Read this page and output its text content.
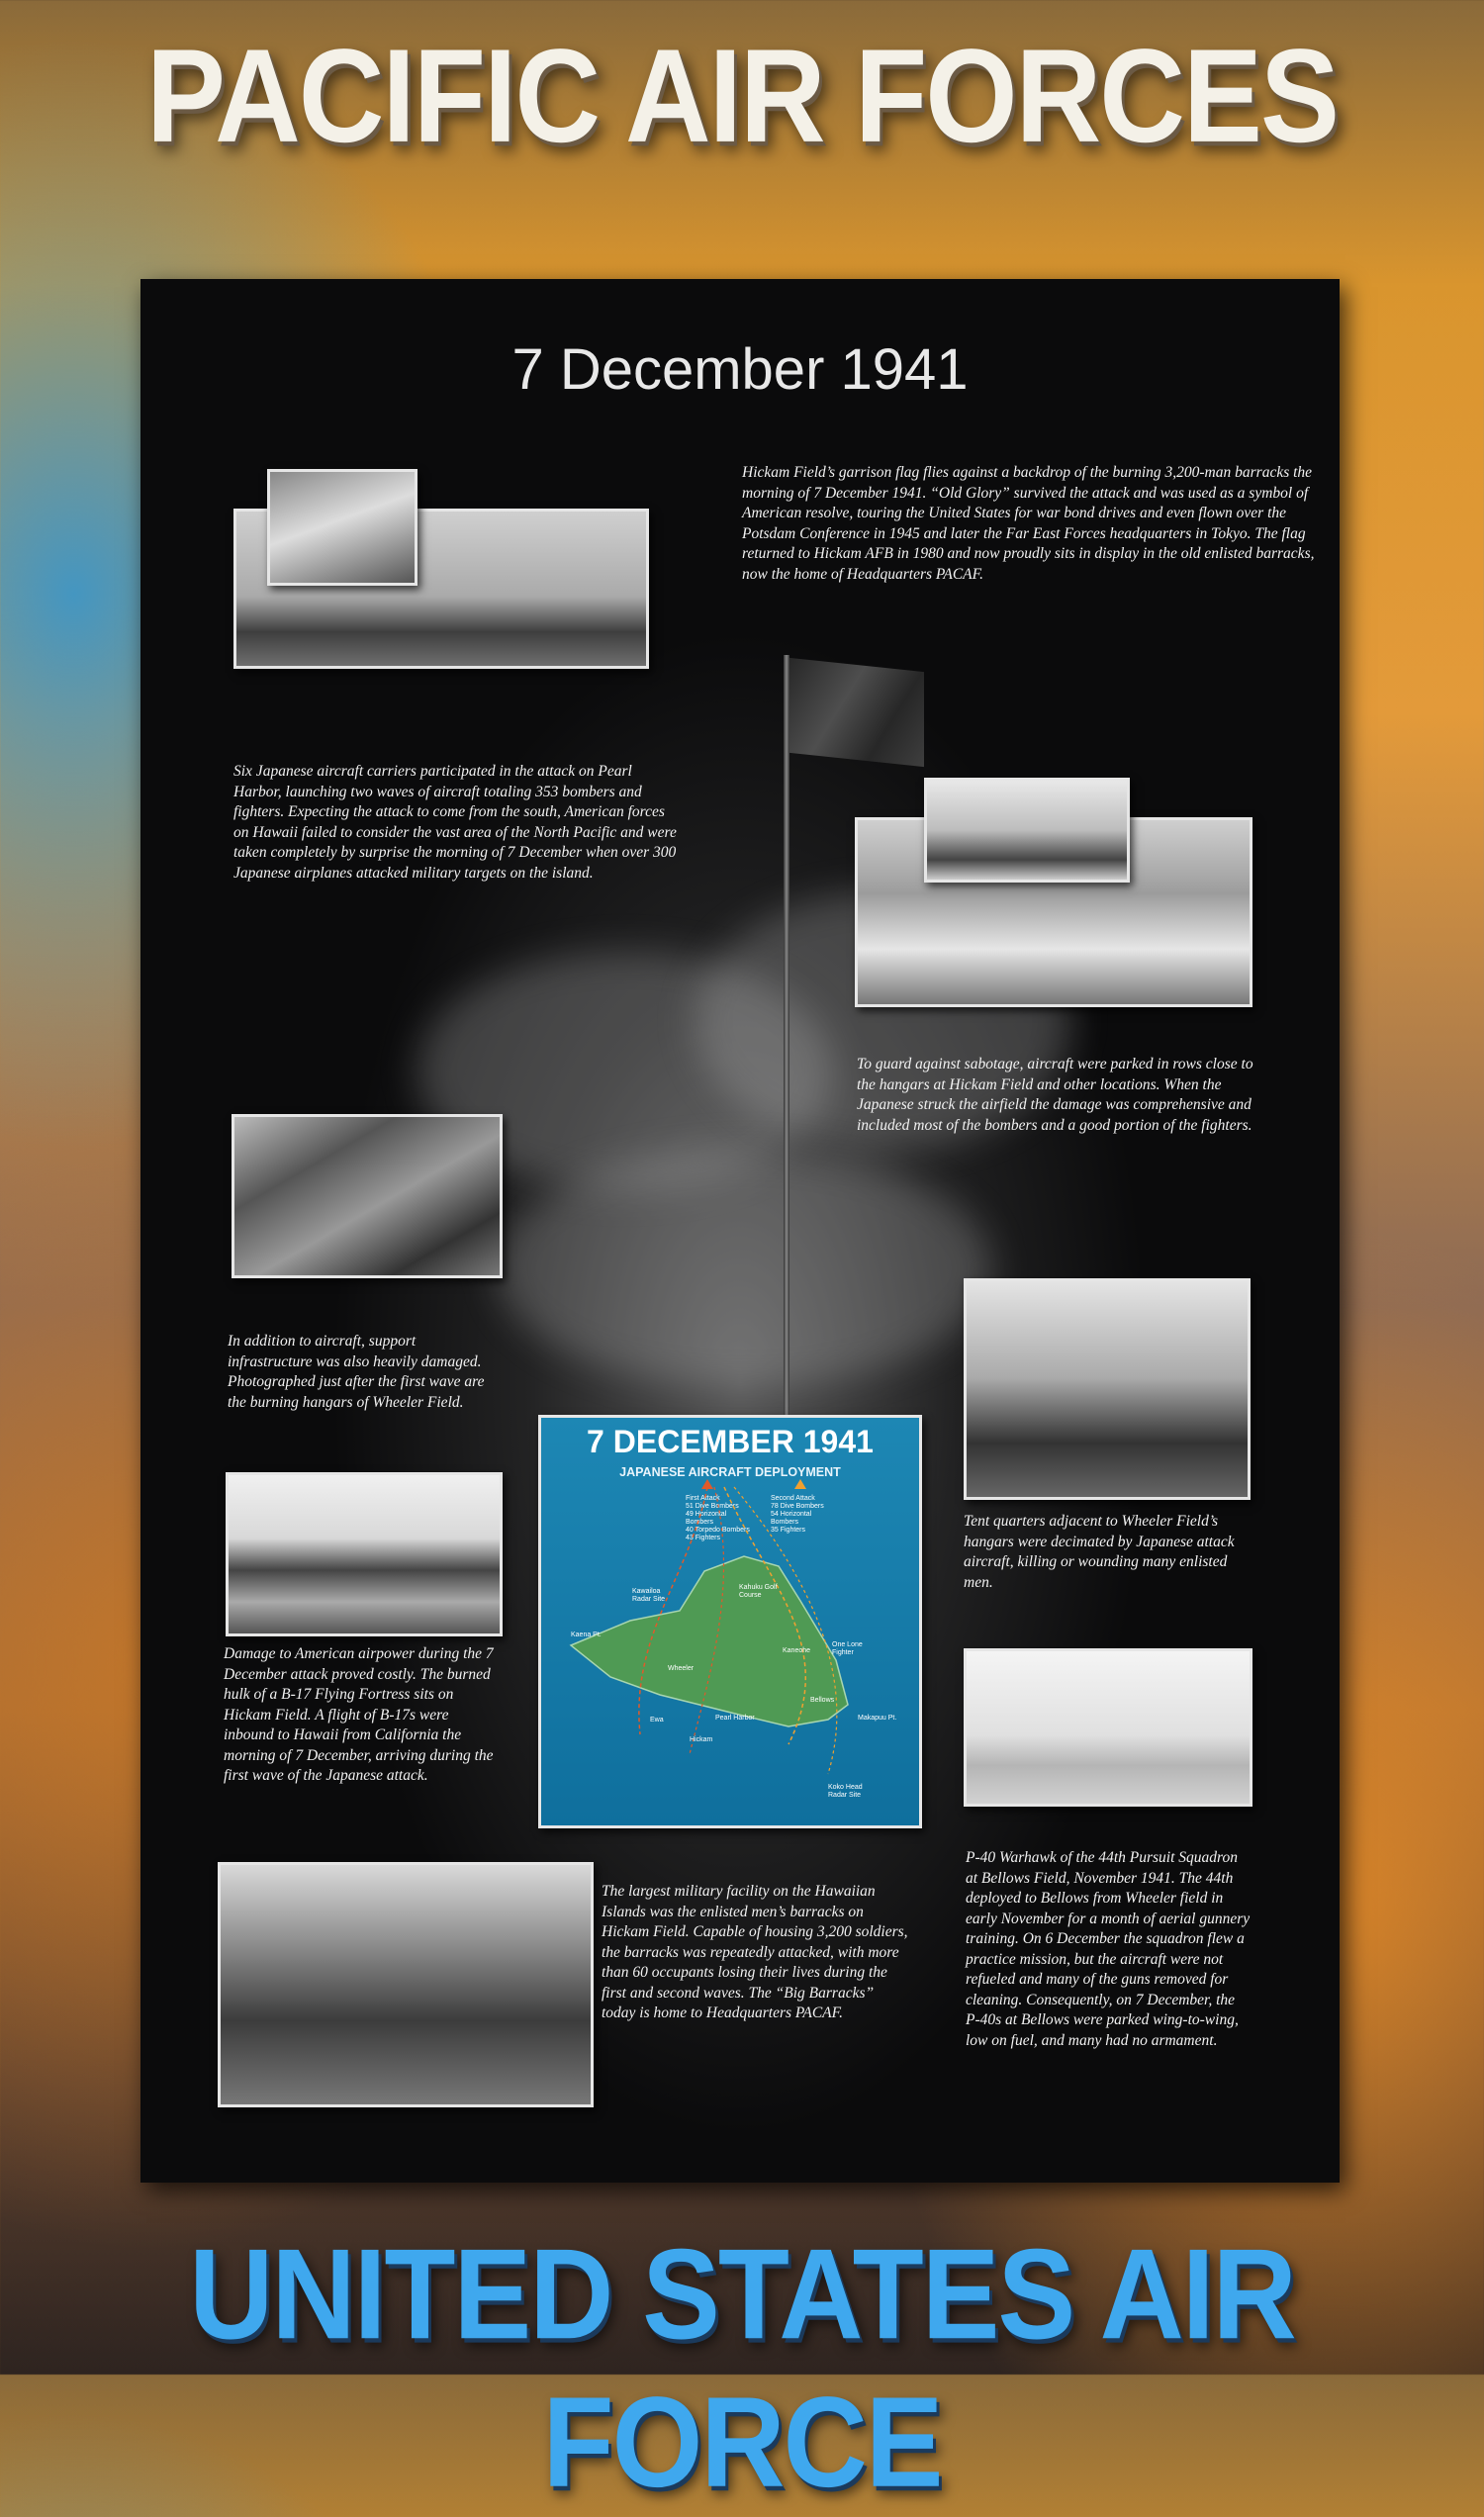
PACIFIC AIR FORCES
7 December 1941
Hickam Field’s garrison flag flies against a backdrop of the burning 3,200-man barracks the morning of 7 December 1941. “Old Glory” survived the attack and was used as a symbol of American resolve, touring the United States for war bond drives and even flown over the Potsdam Conference in 1945 and later the Far East Forces headquarters in Tokyo. The flag returned to Hickam AFB in 1980 and now proudly sits in display in the old enlisted barracks, now the home of Headquarters PACAF.
Six Japanese aircraft carriers participated in the attack on Pearl Harbor, launching two waves of aircraft totaling 353 bombers and fighters. Expecting the attack to come from the south, American forces on Hawaii failed to consider the vast area of the North Pacific and were taken completely by surprise the morning of 7 December when over 300 Japanese airplanes attacked military targets on the island.
To guard against sabotage, aircraft were parked in rows close to the hangars at Hickam Field and other locations. When the Japanese struck the airfield the damage was comprehensive and included most of the bombers and a good portion of the fighters.
In addition to aircraft, support infrastructure was also heavily damaged. Photographed just after the first wave are the burning hangars of Wheeler Field.
Tent quarters adjacent to Wheeler Field’s hangars were decimated by Japanese attack aircraft, killing or wounding many enlisted men.
Damage to American airpower during the 7 December attack proved costly. The burned hulk of a B-17 Flying Fortress sits on Hickam Field. A flight of B-17s were inbound to Hawaii from California the morning of 7 December, arriving during the first wave of the Japanese attack.
7 DECEMBER 1941
JAPANESE AIRCRAFT DEPLOYMENT
First Attack
51 Dive Bombers
49 Horizontal Bombers
40 Torpedo Bombers
43 Fighters
Second Attack
78 Dive Bombers
54 Horizontal Bombers
35 Fighters
Kawailoa Radar Site
Kahuku Golf Course
Kaneohe
One Lone Fighter
Bellows
Kaena Pt.
Hickam
Pearl Harbor	Makapuu Pt.
Koko Head Radar Site
Ewa
Wheeler
P-40 Warhawk of the 44th Pursuit Squadron at Bellows Field, November 1941. The 44th deployed to Bellows from Wheeler field in early November for a month of aerial gunnery training. On 6 December the squadron flew a practice mission, but the aircraft were not refueled and many of the guns removed for cleaning. Consequently, on 7 December, the P-40s at Bellows were parked wing-to-wing, low on fuel, and many had no armament.
The largest military facility on the Hawaiian Islands was the enlisted men’s barracks on Hickam Field. Capable of housing 3,200 soldiers, the barracks was repeatedly attacked, with more than 60 occupants losing their lives during the first and second waves. The “Big Barracks” today is home to Headquarters PACAF.
UNITED STATES AIR FORCE
